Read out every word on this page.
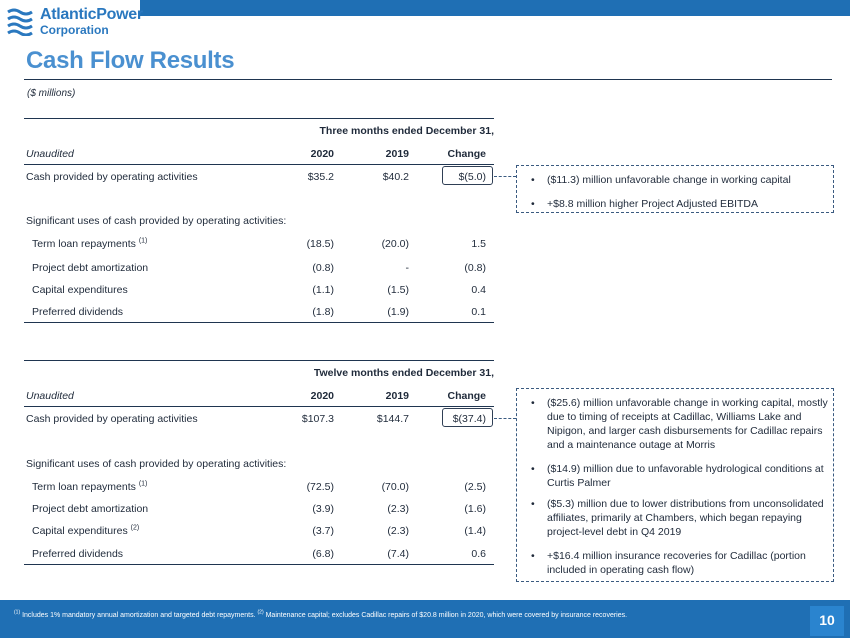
AtlanticPower
Corporation
Cash Flow Results
($ millions)
Three months ended December 31,
Unaudited	2020	2019	Change
Cash provided by operating activities	$35.2	$40.2	$(5.0)
Significant uses of cash provided by operating activities:
Term loan repayments $^{(1)}$	(18.5)	(20.0)	1.5
Project debt amortization	(0.8)	-	(0.8)
Capital expenditures	(1.1)	(1.5)	0.4
Preferred dividends	(1.8)	(1.9)	0.1
• ($11.3) million unfavorable change in working capital
• +$8.8 million higher Project Adjusted EBITDA
Twelve months ended December 31,
Unaudited	2020	2019	Change
Cash provided by operating activities	$107.3	$144.7	$(37.4)
Significant uses of cash provided by operating activities:
Term loan repayments $^{(1)}$	(72.5)	(70.0)	(2.5)
Project debt amortization	(3.9)	(2.3)	(1.6)
Capital expenditures $^{(2)}$	(3.7)	(2.3)	(1.4)
Preferred dividends	(6.8)	(7.4)	0.6
• ($25.6) million unfavorable change in working capital, mostly due to timing of receipts at Cadillac, Williams Lake and Nipigon, and larger cash disbursements for Cadillac repairs and a maintenance outage at Morris
• ($14.9) million due to unfavorable hydrological conditions at Curtis Palmer
• ($5.3) million due to lower distributions from unconsolidated affiliates, primarily at Chambers, which began repaying project-level debt in Q4 2019
• +$16.4 million insurance recoveries for Cadillac (portion included in operating cash flow)
$^{(1)}$ Includes 1% mandatory annual amortization and targeted debt repayments. $^{(2)}$ Maintenance capital; excludes Cadillac repairs of $20.8 million in 2020, which were covered by insurance recoveries.	10
